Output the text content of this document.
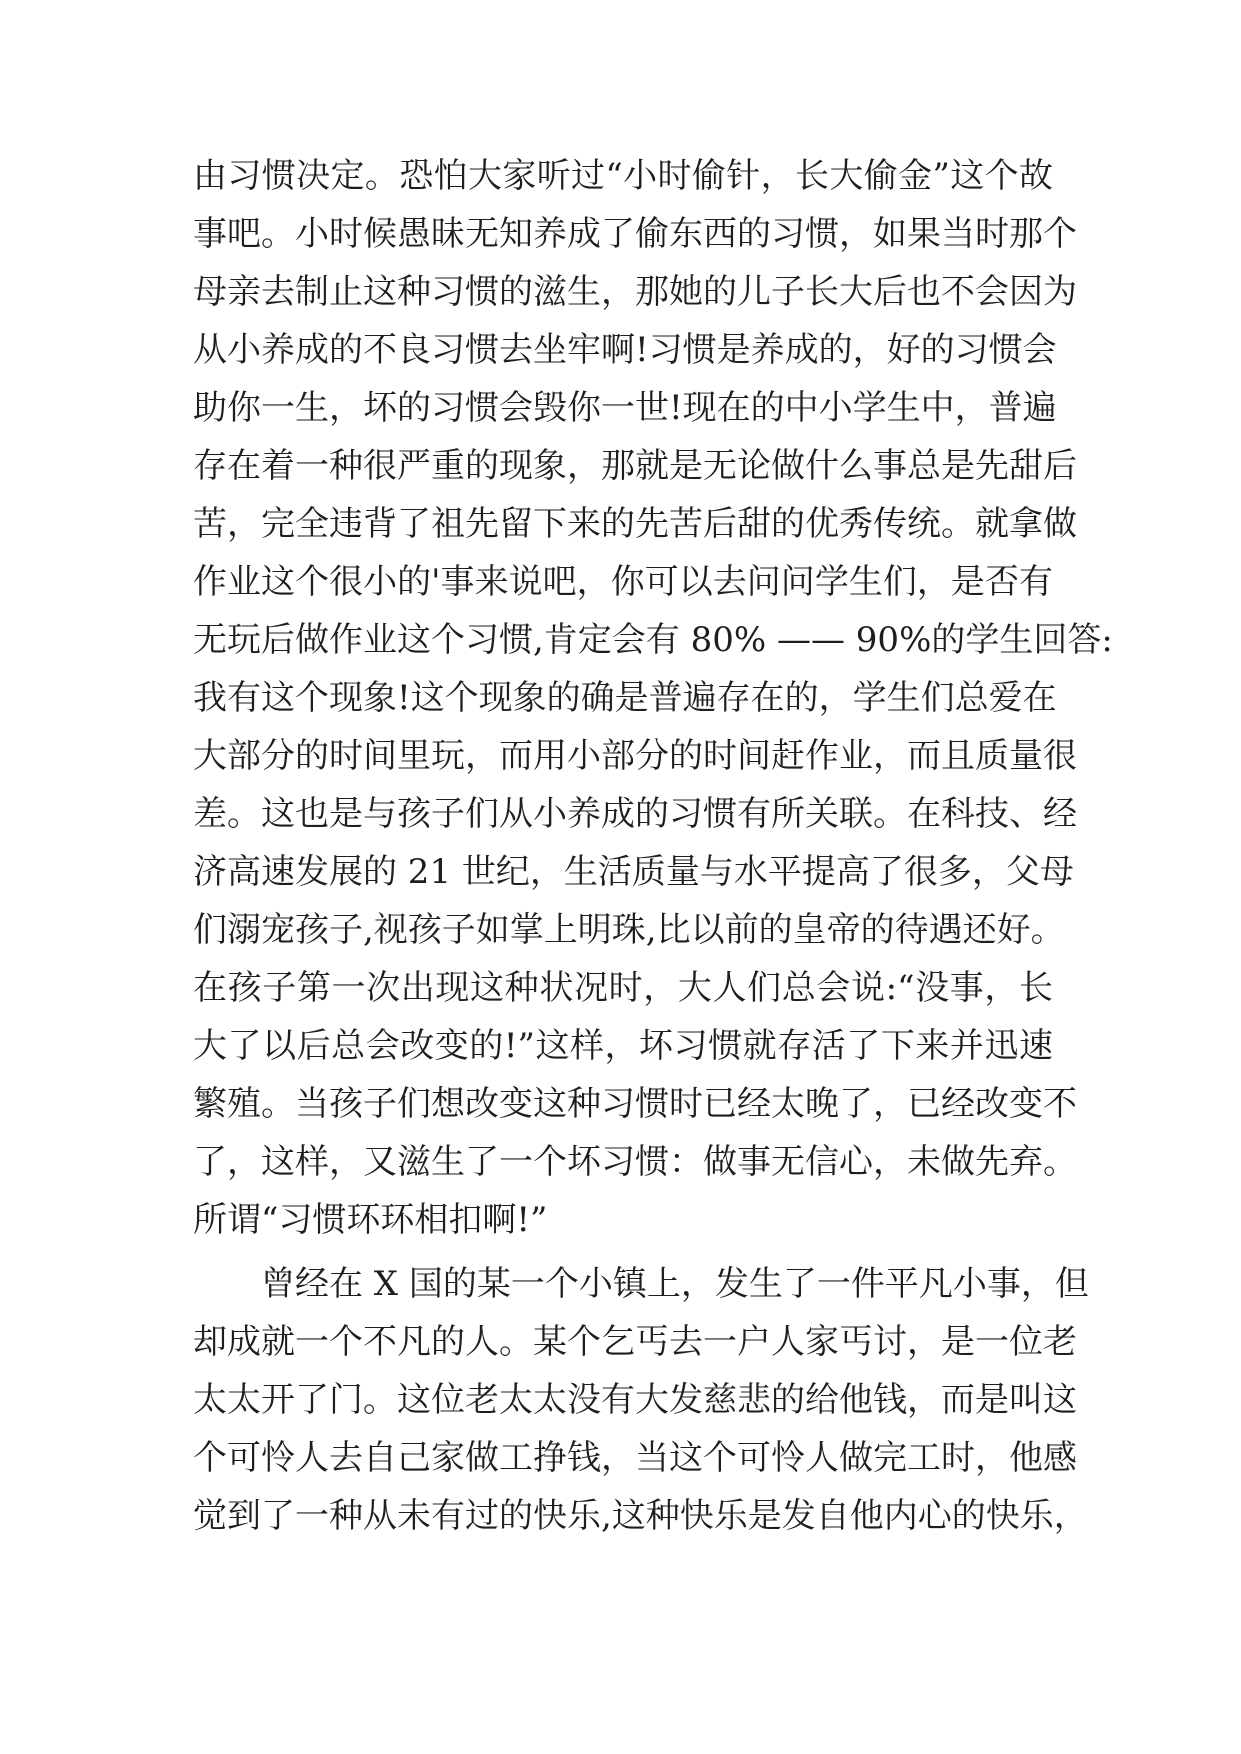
由习惯决定。恐怕大家听过“小时偷针，长大偷金”这个故
事吧。小时候愚昧无知养成了偷东西的习惯，如果当时那个
母亲去制止这种习惯的滋生，那她的儿子长大后也不会因为
从小养成的不良习惯去坐牢啊!习惯是养成的，好的习惯会
助你一生，坏的习惯会毁你一世!现在的中小学生中，普遍
存在着一种很严重的现象，那就是无论做什么事总是先甜后
苦，完全违背了祖先留下来的先苦后甜的优秀传统。就拿做
作业这个很小的'事来说吧，你可以去问问学生们，是否有
无玩后做作业这个习惯,肯定会有 80% —— 90%的学生回答:
我有这个现象!这个现象的确是普遍存在的，学生们总爱在
大部分的时间里玩，而用小部分的时间赶作业，而且质量很
差。这也是与孩子们从小养成的习惯有所关联。在科技、经
济高速发展的 21 世纪，生活质量与水平提高了很多，父母
们溺宠孩子,视孩子如掌上明珠,比以前的皇帝的待遇还好。
在孩子第一次出现这种状况时，大人们总会说:“没事，长
大了以后总会改变的!”这样，坏习惯就存活了下来并迅速
繁殖。当孩子们想改变这种习惯时已经太晚了，已经改变不
了，这样，又滋生了一个坏习惯：做事无信心，未做先弃。
所谓“习惯环环相扣啊!”
曾经在 X 国的某一个小镇上，发生了一件平凡小事，但
却成就一个不凡的人。某个乞丐去一户人家丐讨，是一位老
太太开了门。这位老太太没有大发慈悲的给他钱，而是叫这
个可怜人去自己家做工挣钱，当这个可怜人做完工时，他感
觉到了一种从未有过的快乐,这种快乐是发自他内心的快乐，
